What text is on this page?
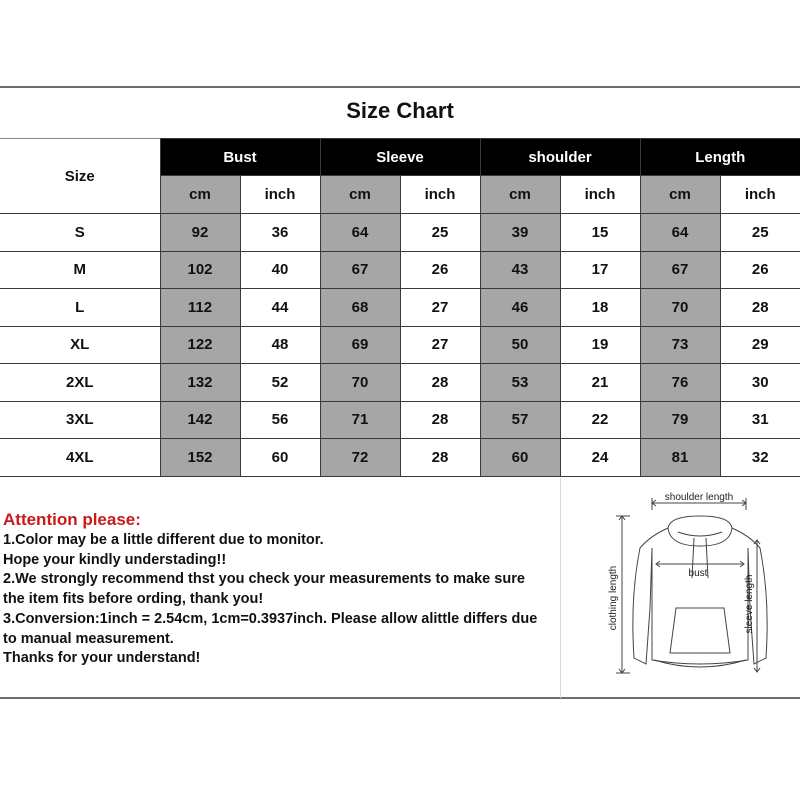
Size Chart
Size	Bust		Sleeve		shoulder		Length	
	cm	inch	cm	inch	cm	inch	cm	inch
S	92	36	64	25	39	15	64	25
M	102	40	67	26	43	17	67	26
L	112	44	68	27	46	18	70	28
XL	122	48	69	27	50	19	73	29
2XL	132	52	70	28	53	21	76	30
3XL	142	56	71	28	57	22	79	31
4XL	152	60	72	28	60	24	81	32
Attention please:
1.Color may be a little different due to monitor.
Hope your kindly understading!!
2.We strongly recommend thst you check your measurements to make sure
the item fits before ording, thank you!
3.Conversion:1inch = 2.54cm, 1cm=0.3937inch. Please allow alittle differs due
to manual measurement.
Thanks for your understand!
shoulder length
bust
clothing length	sleeve length
